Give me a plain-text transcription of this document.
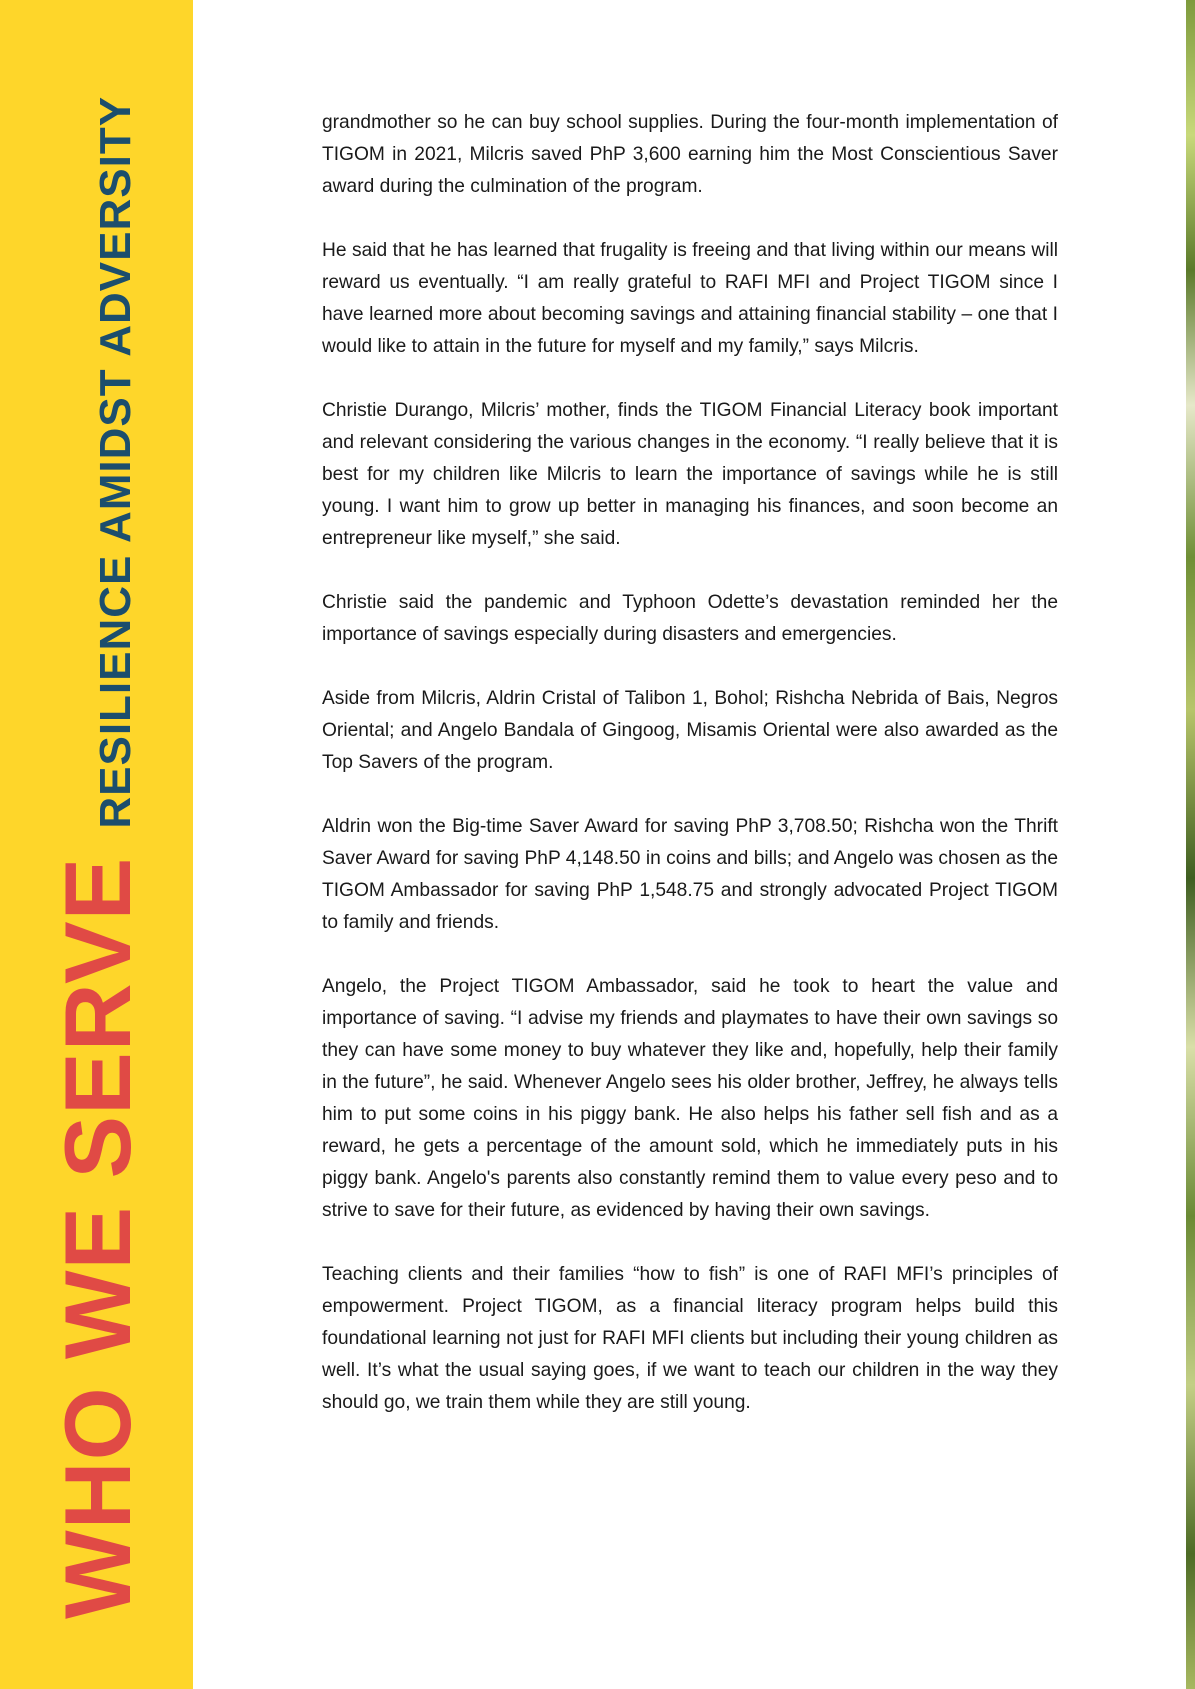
WHO WE SERVE
RESILIENCE AMIDST ADVERSITY	grandmother so he can buy school supplies. During the four-month implementation of TIGOM in 2021, Milcris saved PhP 3,600 earning him the Most Conscientious Saver award during the culmination of the program.

He said that he has learned that frugality is freeing and that living within our means will reward us eventually. “I am really grateful to RAFI MFI and Project TIGOM since I have learned more about becoming savings and attaining financial stability – one that I would like to attain in the future for myself and my family,” says Milcris.

Christie Durango, Milcris’ mother, finds the TIGOM Financial Literacy book important and relevant considering the various changes in the economy. “I really believe that it is best for my children like Milcris to learn the importance of savings while he is still young. I want him to grow up better in managing his finances, and soon become an entrepreneur like myself,” she said.

Christie said the pandemic and Typhoon Odette’s devastation reminded her the importance of savings especially during disasters and emergencies.

Aside from Milcris, Aldrin Cristal of Talibon 1, Bohol; Rishcha Nebrida of Bais, Negros Oriental; and Angelo Bandala of Gingoog, Misamis Oriental were also awarded as the Top Savers of the program.

Aldrin won the Big-time Saver Award for saving PhP 3,708.50; Rishcha won the Thrift Saver Award for saving PhP 4,148.50 in coins and bills; and Angelo was chosen as the TIGOM Ambassador for saving PhP 1,548.75 and strongly advocated Project TIGOM to family and friends.

Angelo, the Project TIGOM Ambassador, said he took to heart the value and importance of saving. “I advise my friends and playmates to have their own savings so they can have some money to buy whatever they like and, hopefully, help their family in the future”, he said. Whenever Angelo sees his older brother, Jeffrey, he always tells him to put some coins in his piggy bank. He also helps his father sell fish and as a reward, he gets a percentage of the amount sold, which he immediately puts in his piggy bank. Angelo's parents also constantly remind them to value every peso and to strive to save for their future, as evidenced by having their own savings.

Teaching clients and their families “how to fish” is one of RAFI MFI’s principles of empowerment. Project TIGOM, as a financial literacy program helps build this foundational learning not just for RAFI MFI clients but including their young children as well. It’s what the usual saying goes, if we want to teach our children in the way they should go, we train them while they are still young.
